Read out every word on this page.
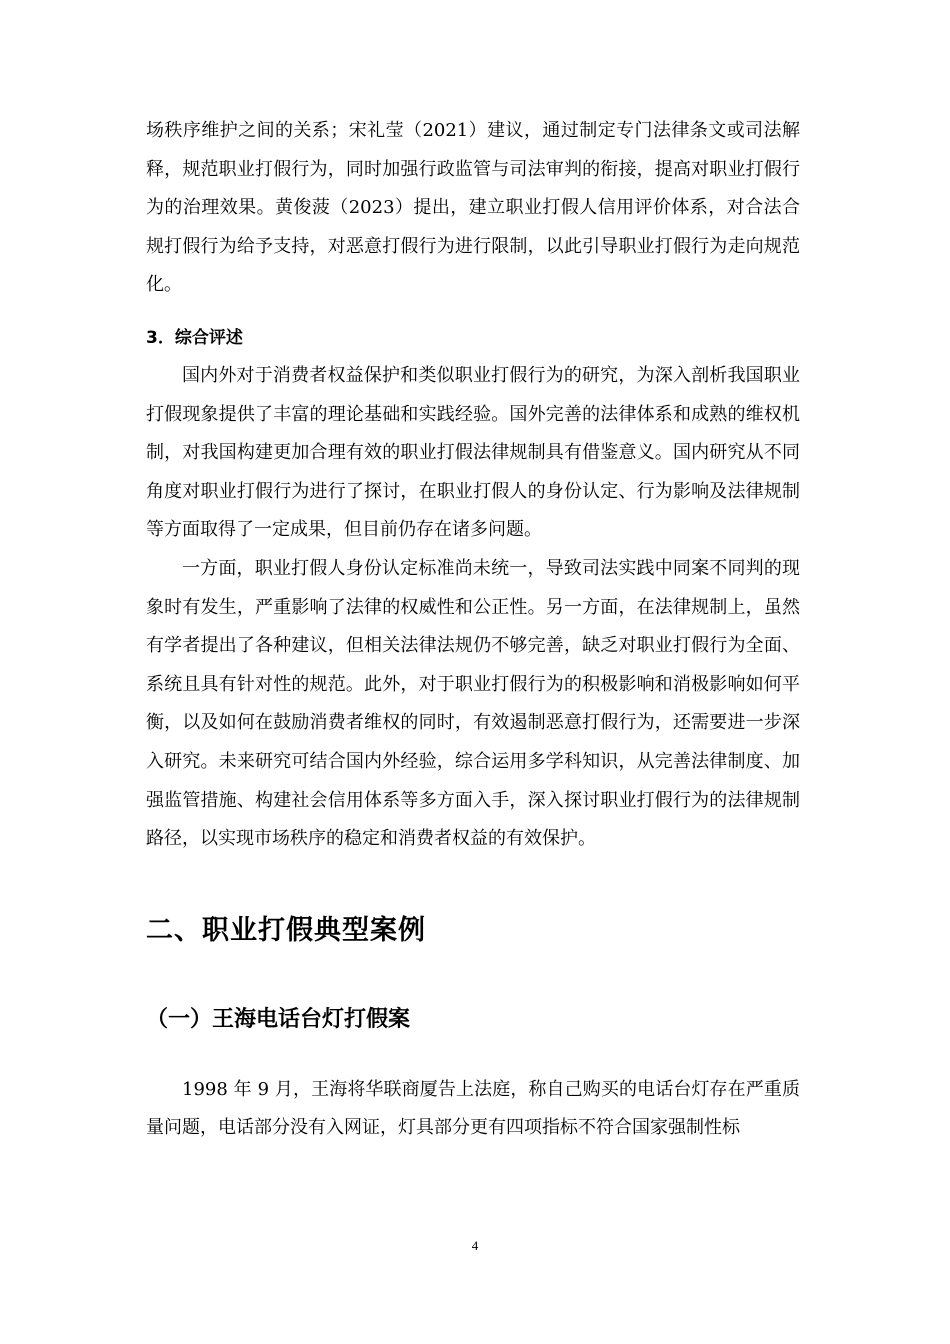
场秩序维护之间的关系；宋礼莹（2021）建议，通过制定专门法律条文或司法解释，规范职业打假行为，同时加强行政监管与司法审判的衔接，提高对职业打假行为的治理效果。黄俊菠（2023）提出，建立职业打假人信用评价体系，对合法合规打假行为给予支持，对恶意打假行为进行限制，以此引导职业打假行为走向规范化。

3．综合评述

国内外对于消费者权益保护和类似职业打假行为的研究，为深入剖析我国职业打假现象提供了丰富的理论基础和实践经验。国外完善的法律体系和成熟的维权机制，对我国构建更加合理有效的职业打假法律规制具有借鉴意义。国内研究从不同角度对职业打假行为进行了探讨，在职业打假人的身份认定、行为影响及法律规制等方面取得了一定成果，但目前仍存在诸多问题。

一方面，职业打假人身份认定标准尚未统一，导致司法实践中同案不同判的现象时有发生，严重影响了法律的权威性和公正性。另一方面，在法律规制上，虽然有学者提出了各种建议，但相关法律法规仍不够完善，缺乏对职业打假行为全面、系统且具有针对性的规范。此外，对于职业打假行为的积极影响和消极影响如何平衡，以及如何在鼓励消费者维权的同时，有效遏制恶意打假行为，还需要进一步深入研究。未来研究可结合国内外经验，综合运用多学科知识，从完善法律制度、加强监管措施、构建社会信用体系等多方面入手，深入探讨职业打假行为的法律规制路径，以实现市场秩序的稳定和消费者权益的有效保护。

二、职业打假典型案例
（一）王海电话台灯打假案

1998 年 9 月，王海将华联商厦告上法庭，称自己购买的电话台灯存在严重质量问题，电话部分没有入网证，灯具部分更有四项指标不符合国家强制性标

4
